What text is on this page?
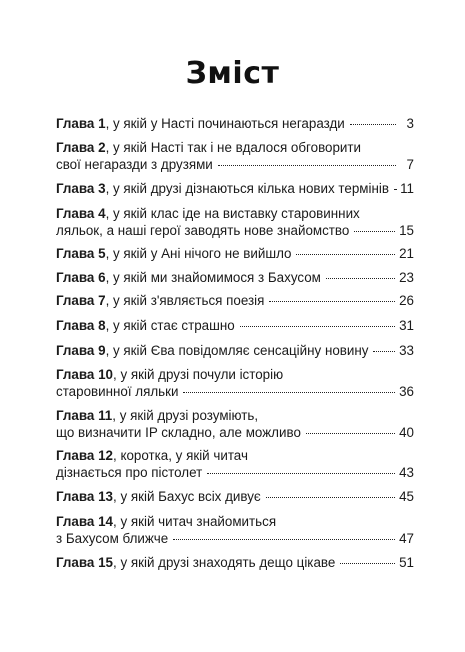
Зміст
Глава 1, у якій у Насті починаються негаразди	3
Глава 2, у якій Насті так і не вдалося обговорити
свої негаразди з друзями	7
Глава 3, у якій друзі дізнаються кілька нових термінів 11
Глава 4, у якій клас іде на виставку старовинних
ляльок, а наші герої заводять нове знайомство	15
Глава 5, у якій у Ані нічого не вийшло	21
Глава 6, у якій ми знайомимося з Бахусом	23
Глава 7, у якій з'являється поезія	26
Глава 8, у якій стає страшно	31
Глава 9, у якій Єва повідомляє сенсаційну новину 33
Глава 10, у якій друзі почули історію
старовинної ляльки	36
Глава 11, у якій друзі розуміють,
що визначити IP складно, але можливо	40
Глава 12, коротка, у якій читач
дізнається про пістолет	43
Глава 13, у якій Бахус всіх дивує	45
Глава 14, у якій читач знайомиться
з Бахусом ближче	47
Глава 15, у якій друзі знаходять дещо цікаве	51
